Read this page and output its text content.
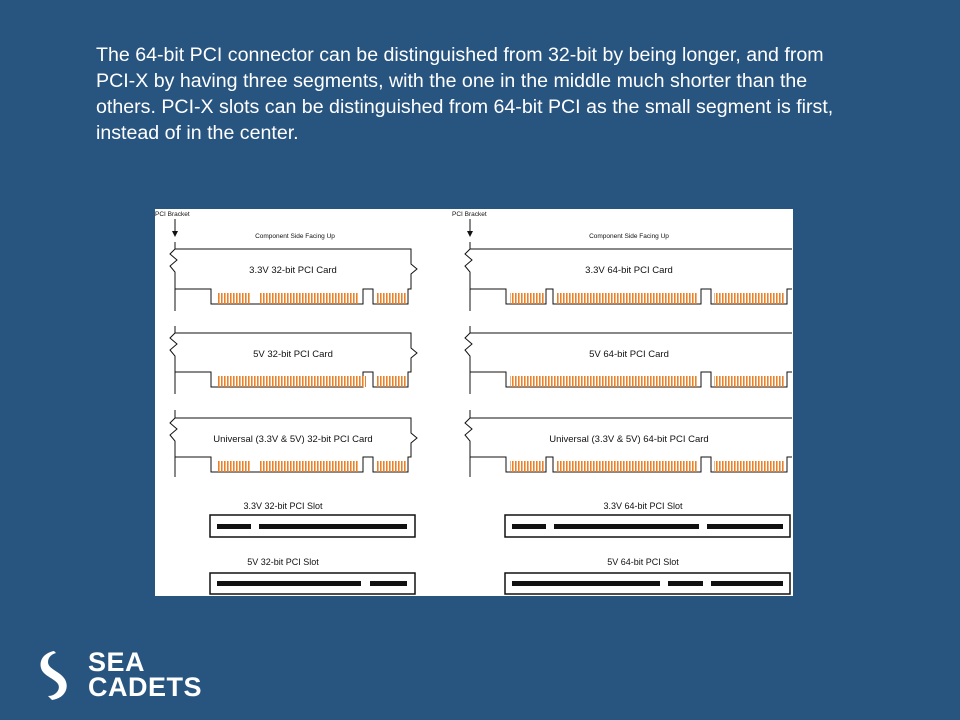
The 64-bit PCI connector can be distinguished from 32-bit by being longer, and from PCI-X by having three segments, with the one in the middle much shorter than the others. PCI-X slots can be distinguished from 64-bit PCI as the small segment is first, instead of in the center.

PCI Bracket
Component Side Facing Up
3.3V 32-bit PCI Card
5V 32-bit PCI Card
Universal (3.3V & 5V) 32-bit PCI Card
3.3V 32-bit PCI Slot
5V 32-bit PCI Slot
PCI Bracket
Component Side Facing Up
3.3V 64-bit PCI Card
5V 64-bit PCI Card
Universal (3.3V & 5V) 64-bit PCI Card
3.3V 64-bit PCI Slot
5V 64-bit PCI Slot
SEA
CADETS
